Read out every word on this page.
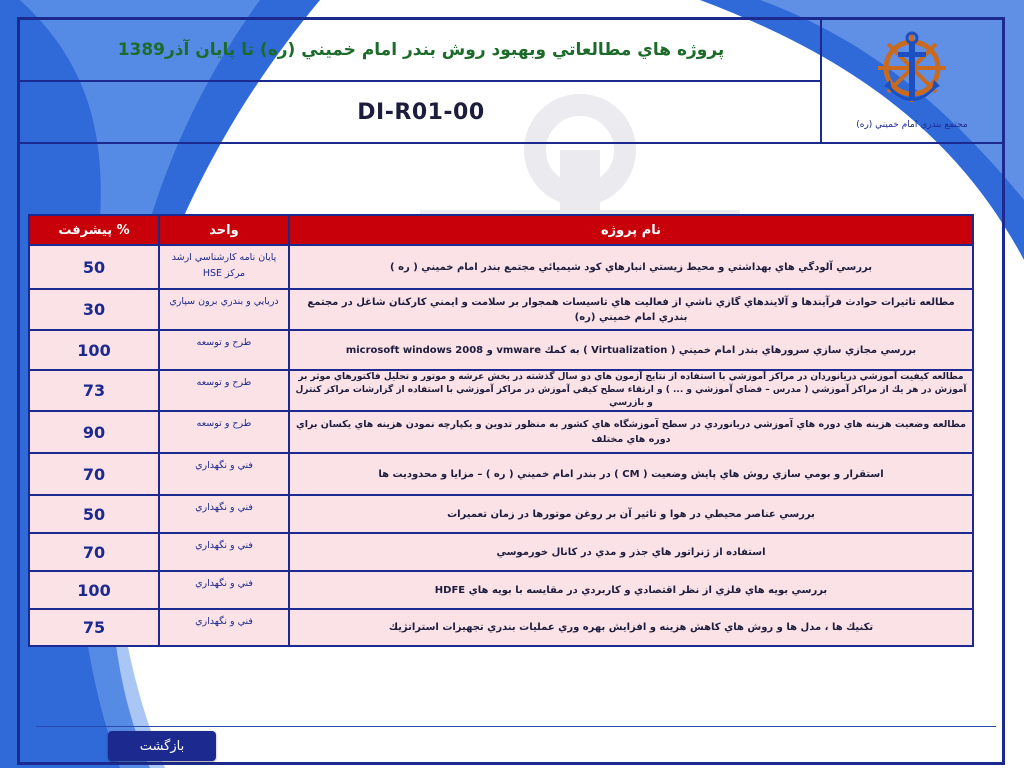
پروژه هاي مطالعاتي وبهبود روش بندر امام خميني (ره) تا پايان آذر1389
DI-R01-00
مجتمع بندري امام خميني (ره)
نام پروژه	واحد	% پيشرفت
بررسي آلودگي هاي بهداشتي و محيط زيستي انبارهاي كود شيميائي مجتمع بندر امام خميني ( ره )	پايان نامه كارشناسي ارشد مركز HSE	50
مطالعه تاثيرات حوادث فرآيندها و آلايندهاي گازي ناشي از فعاليت هاي تاسيسات همجوار بر سلامت و ايمني كاركنان شاغل در مجتمع بندري امام خميني (ره)	دريايي و بندري برون سپاري	30
بررسي مجازي سازي سرورهاي بندر امام خميني ( Virtualization ) به كمك vmware و microsoft windows 2008	طرح و توسعه	100
مطالعه كيفيت آموزشي دريانوردان در مراكز آموزشي با استفاده از نتايج آزمون هاي دو سال گذشته در بخش عرشه و موتور و تحليل فاكتورهاي موثر بر آموزش در هر يك از مراكز آموزشي ( مدرس – فضاي آموزشي و ... ) و ارتقاء سطح كيفي آموزش در مراكز آموزشي با استفاده از گزارشات مراكز كنترل و بازرسي	طرح و توسعه	73
مطالعه وضعيت هزينه هاي دوره هاي آموزشي دريانوردي در سطح آموزشگاه هاي كشور به منظور تدوين و يكپارچه نمودن هزينه هاي يكسان براي دوره هاي مختلف	طرح و توسعه	90
استقرار و بومي سازي روش هاي پايش وضعيت ( CM ) در بندر امام خميني ( ره ) – مزايا و محدوديت ها	فني و نگهداري	70
بررسي عناصر محيطي در هوا و تاثير آن بر روغن موتورها در زمان تعميرات	فني و نگهداري	50
استفاده از ژنراتور هاي جذر و مدي در كانال خورموسي	فني و نگهداري	70
بررسي بويه هاي فلزي از نظر اقتصادي و كاربردي در مقايسه با بويه هاي HDFE	فني و نگهداري	100
تكنيك ها ، مدل ها و روش هاي كاهش هزينه و افزايش بهره وري عمليات بندري تجهيزات استراتژيك	فني و نگهداري	75
بازگشت
